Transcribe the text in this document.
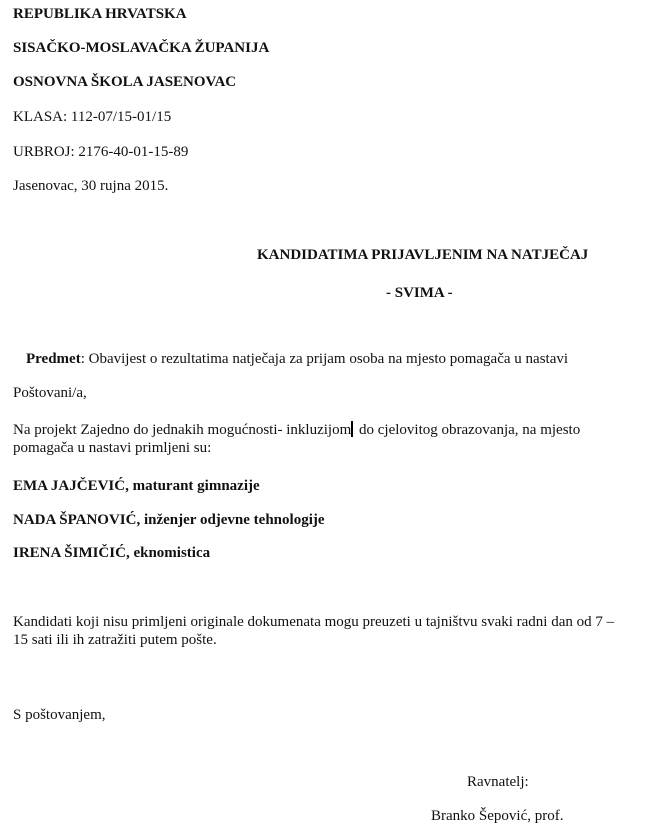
REPUBLIKA HRVATSKA
SISAČKO-MOSLAVAČKA ŽUPANIJA
OSNOVNA ŠKOLA JASENOVAC
KLASA: 112-07/15-01/15
URBROJ: 2176-40-01-15-89
Jasenovac, 30 rujna 2015.
KANDIDATIMA PRIJAVLJENIM NA NATJEČAJ
- SVIMA -
Predmet: Obavijest o rezultatima natječaja za prijam osoba na mjesto pomagača u nastavi
Poštovani/a,
Na projekt Zajedno do jednakih mogućnosti- inkluzijom do cjelovitog obrazovanja, na mjesto pomagača u nastavi primljeni su:
EMA JAJČEVIĆ, maturant gimnazije
NADA ŠPANOVIĆ, inženjer odjevne tehnologije
IRENA ŠIMIČIĆ, eknomistica
Kandidati koji nisu primljeni originale dokumenata mogu preuzeti u tajništvu svaki radni dan od 7 – 15 sati ili ih zatražiti putem pošte.
S poštovanjem,
Ravnatelj:
Branko Šepović, prof.
